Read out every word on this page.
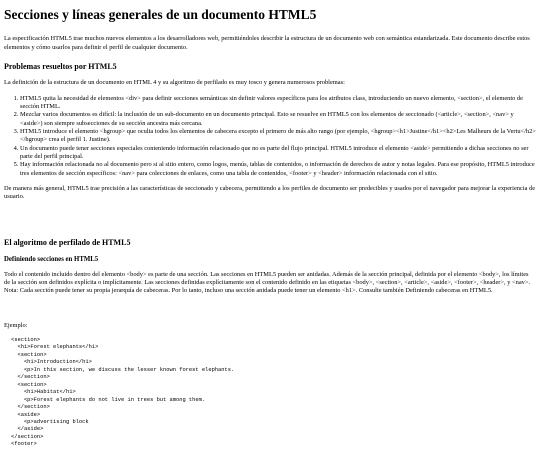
Secciones y líneas generales de un documento HTML5

La especificación HTML5 trae muchos nuevos elementos a los desarrolladores web, permitiéndoles describir la estructura de un documento web con semántica estandarizada. Este documento describe estos elementos y cómo usarlos para definir el perfil de cualquier documento.

Problemas resueltos por HTML5

La definición de la estructura de un documento en HTML 4 y su algoritmo de perfilado es muy tosco y genera numerosos problemas:

1. HTML5 quita la necesidad de elementos <div> para definir secciones semánticas sin definir valores específicos para los atributos class, introduciendo un nuevo elemento, <section>, el elemento de sección HTML.
2. Mezclar varios documentos es difícil: la inclusión de un sub-documento en un documento principal. Esto se resuelve en HTML5 con los elementos de seccionado (<article>, <section>, <nav> y <aside>) son siempre subsecciones de su sección ancestra más cercana.
3. HTML5 introduce el elemento <hgroup> que oculta todos los elementos de cabecera excepto el primero de más alto rango (por ejemplo, <hgroup><h1>Justine</h1><h2>Les Malheurs de la Vertu</h2></hgroup> crea el perfil 1. Justine).
4. Un documento puede tener secciones especiales conteniendo información relacionado que no es parte del flujo principal. HTML5 introduce el elemento <aside> permitiendo a dichas secciones no ser parte del perfil principal.
5. Hay información relacionada no al documento pero si al sitio entero, como logos, menús, tablas de contenidos, o información de derechos de autor y notas legales. Para ese propósito, HTML5 introduce tres elementos de sección específicos: <nav> para colecciones de enlaces, como una tabla de contenidos, <footer> y <header> información relacionada con el sitio.

De manera más general, HTML5 trae precisión a las características de seccionado y cabecera, permitiendo a los perfiles de documento ser predecibles y usados por el navegador para mejorar la experiencia de usuario.

El algoritmo de perfilado de HTML5
Definiendo secciones en HTML5

Todo el contenido incluido dentro del elemento <body> es parte de una sección. Las secciones en HTML5 pueden ser anidadas. Además de la sección principal, definida por el elemento <body>, los límites de la sección son definidos explícita o implícitamente. Las secciones definidas explícitamente son el contenido definido en las etiquetas <body>, <section>, <article>, <aside>, <footer>, <header>, y <nav>. Nota: Cada sección puede tener su propia jerarquía de cabeceras. Por lo tanto, incluso una sección anidada puede tener un elemento <h1>. Consulte también Definiendo cabeceras en HTML5.

Ejemplo:

<section>
<h1>Forest elephants</h1>
<section>
<h1>Introduction</h1>
<p>In this section, we discuss the lesser known forest elephants.
</section>
<section>
<h1>Habitat</h1>
<p>Forest elephants do not live in trees but among them.
</section>
<aside>
<p>advertising block
</aside>
</section>
<footer>
